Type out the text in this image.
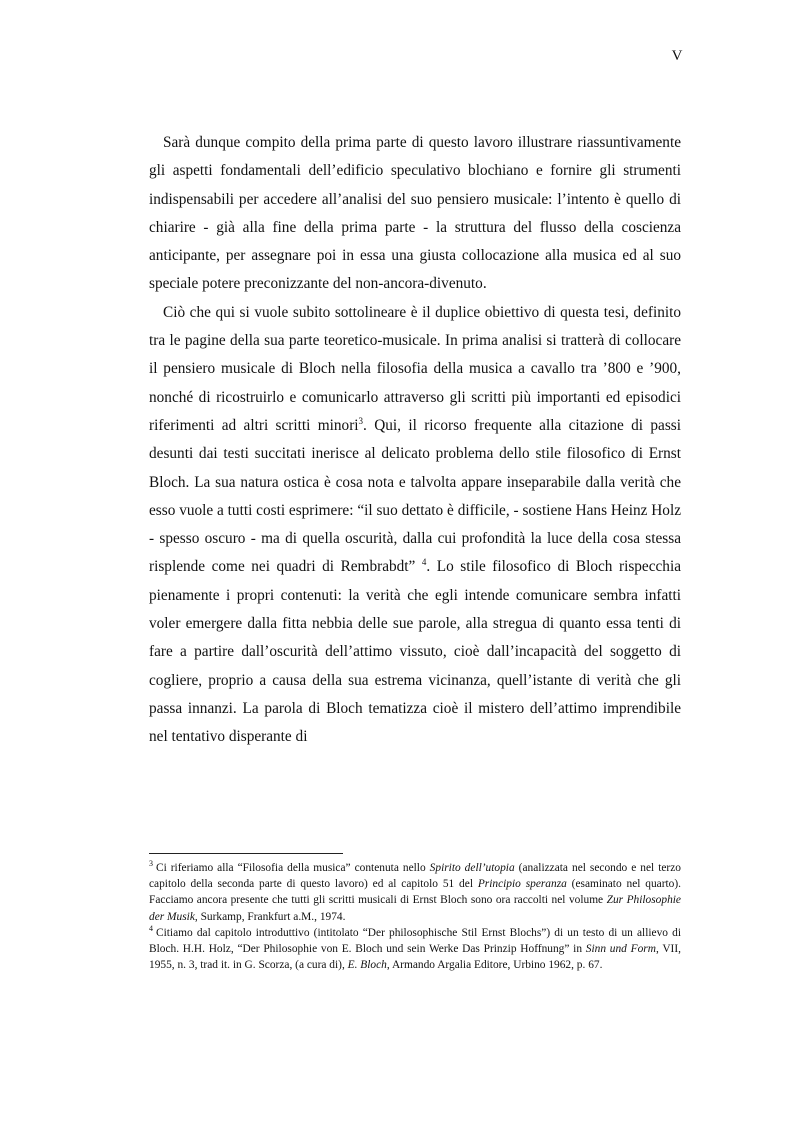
V

Sarà dunque compito della prima parte di questo lavoro illustrare riassuntivamente gli aspetti fondamentali dell’edificio speculativo blochiano e fornire gli strumenti indispensabili per accedere all’analisi del suo pensiero musicale: l’intento è quello di chiarire - già alla fine della prima parte - la struttura del flusso della coscienza anticipante, per assegnare poi in essa una giusta collocazione alla musica ed al suo speciale potere preconizzante del non-ancora-divenuto.

Ciò che qui si vuole subito sottolineare è il duplice obiettivo di questa tesi, definito tra le pagine della sua parte teoretico-musicale. In prima analisi si tratterà di collocare il pensiero musicale di Bloch nella filosofia della musica a cavallo tra ’800 e ’900, nonché di ricostruirlo e comunicarlo attraverso gli scritti più importanti ed episodici riferimenti ad altri scritti minori$^3$. Qui, il ricorso frequente alla citazione di passi desunti dai testi succitati inerisce al delicato problema dello stile filosofico di Ernst Bloch. La sua natura ostica è cosa nota e talvolta appare inseparabile dalla verità che esso vuole a tutti costi esprimere: “il suo dettato è difficile, - sostiene Hans Heinz Holz - spesso oscuro - ma di quella oscurità, dalla cui profondità la luce della cosa stessa risplende come nei quadri di Rembrabdt” $^4$. Lo stile filosofico di Bloch rispecchia pienamente i propri contenuti: la verità che egli intende comunicare sembra infatti voler emergere dalla fitta nebbia delle sue parole, alla stregua di quanto essa tenti di fare a partire dall’oscurità dell’attimo vissuto, cioè dall’incapacità del soggetto di cogliere, proprio a causa della sua estrema vicinanza, quell’istante di verità che gli passa innanzi. La parola di Bloch tematizza cioè il mistero dell’attimo imprendibile nel tentativo disperante di

$^3$ Ci riferiamo alla “Filosofia della musica” contenuta nello Spirito dell’utopia (analizzata nel secondo e nel terzo capitolo della seconda parte di questo lavoro) ed al capitolo 51 del Principio speranza (esaminato nel quarto). Facciamo ancora presente che tutti gli scritti musicali di Ernst Bloch sono ora raccolti nel volume Zur Philosophie der Musik, Surkamp, Frankfurt a.M., 1974.

$^4$ Citiamo dal capitolo introduttivo (intitolato “Der philosophische Stil Ernst Blochs”) di un testo di un allievo di Bloch. H.H. Holz, “Der Philosophie von E. Bloch und sein Werke Das Prinzip Hoffnung” in Sinn und Form, VII, 1955, n. 3, trad it. in G. Scorza, (a cura di), E. Bloch, Armando Argalia Editore, Urbino 1962, p. 67.
